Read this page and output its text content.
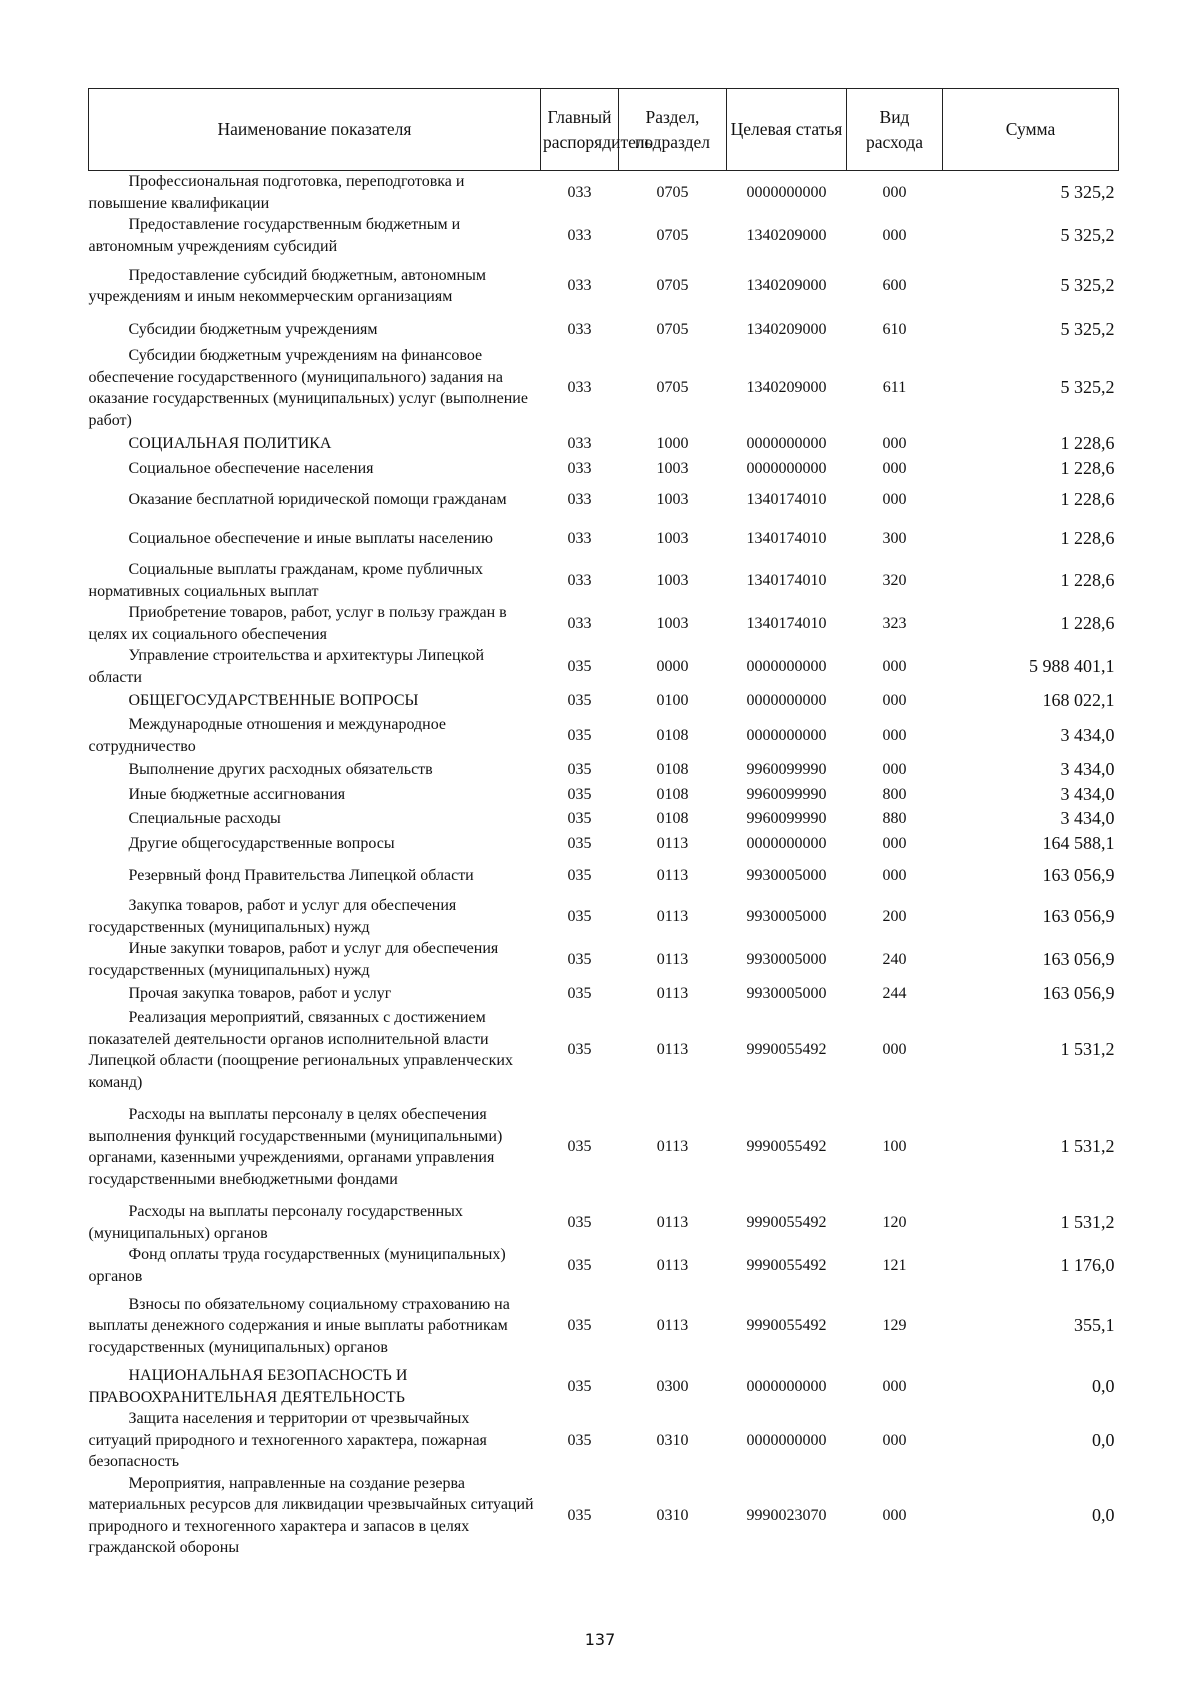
Наименование показателя	Главный распорядитель	Раздел, подраздел	Целевая статья	Вид расхода	Сумма
Профессиональная подготовка, переподготовка и повышение квалификации	033	0705	0000000000	000	5 325,2
Предоставление государственным бюджетным и автономным учреждениям субсидий	033	0705	1340209000	000	5 325,2
Предоставление субсидий бюджетным, автономным учреждениям и иным некоммерческим организациям	033	0705	1340209000	600	5 325,2
Субсидии бюджетным учреждениям	033	0705	1340209000	610	5 325,2
Субсидии бюджетным учреждениям на финансовое обеспечение государственного (муниципального) задания на оказание государственных (муниципальных) услуг (выполнение работ)	033	0705	1340209000	611	5 325,2
СОЦИАЛЬНАЯ ПОЛИТИКА	033	1000	0000000000	000	1 228,6
Социальное обеспечение населения	033	1003	0000000000	000	1 228,6
Оказание бесплатной юридической помощи гражданам	033	1003	1340174010	000	1 228,6
Социальное обеспечение и иные выплаты населению	033	1003	1340174010	300	1 228,6
Социальные выплаты гражданам, кроме публичных нормативных социальных выплат	033	1003	1340174010	320	1 228,6
Приобретение товаров, работ, услуг в пользу граждан в целях их социального обеспечения	033	1003	1340174010	323	1 228,6
Управление строительства и архитектуры Липецкой области	035	0000	0000000000	000	5 988 401,1
ОБЩЕГОСУДАРСТВЕННЫЕ ВОПРОСЫ	035	0100	0000000000	000	168 022,1
Международные отношения и международное сотрудничество	035	0108	0000000000	000	3 434,0
Выполнение других расходных обязательств	035	0108	9960099990	000	3 434,0
Иные бюджетные ассигнования	035	0108	9960099990	800	3 434,0
Специальные расходы	035	0108	9960099990	880	3 434,0
Другие общегосударственные вопросы	035	0113	0000000000	000	164 588,1
Резервный фонд Правительства Липецкой области	035	0113	9930005000	000	163 056,9
Закупка товаров, работ и услуг для обеспечения государственных (муниципальных) нужд	035	0113	9930005000	200	163 056,9
Иные закупки товаров, работ и услуг для обеспечения государственных (муниципальных) нужд	035	0113	9930005000	240	163 056,9
Прочая закупка товаров, работ и услуг	035	0113	9930005000	244	163 056,9
Реализация мероприятий, связанных с достижением показателей деятельности органов исполнительной власти Липецкой области (поощрение региональных управленческих команд)	035	0113	9990055492	000	1 531,2
Расходы на выплаты персоналу в целях обеспечения выполнения функций государственными (муниципальными) органами, казенными учреждениями, органами управления государственными внебюджетными фондами	035	0113	9990055492	100	1 531,2
Расходы на выплаты персоналу государственных (муниципальных) органов	035	0113	9990055492	120	1 531,2
Фонд оплаты труда государственных (муниципальных) органов	035	0113	9990055492	121	1 176,0
Взносы по обязательному социальному страхованию на выплаты денежного содержания и иные выплаты работникам государственных (муниципальных) органов	035	0113	9990055492	129	355,1
НАЦИОНАЛЬНАЯ БЕЗОПАСНОСТЬ И ПРАВООХРАНИТЕЛЬНАЯ ДЕЯТЕЛЬНОСТЬ	035	0300	0000000000	000	0,0
Защита населения и территории от чрезвычайных ситуаций природного и техногенного характера, пожарная безопасность	035	0310	0000000000	000	0,0
Мероприятия, направленные на создание резерва материальных ресурсов для ликвидации чрезвычайных ситуаций природного и техногенного характера и запасов в целях гражданской обороны	035	0310	9990023070	000	0,0
137
